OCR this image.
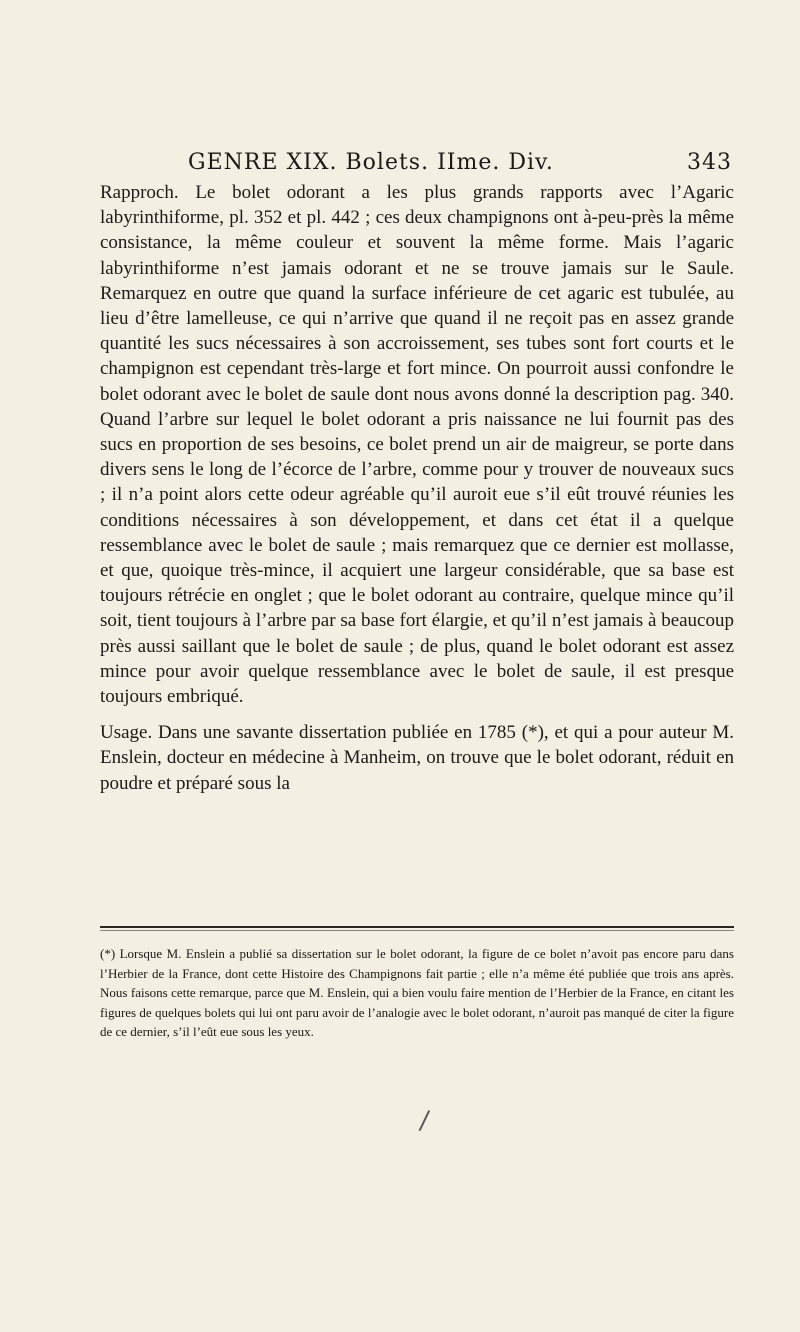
GENRE XIX. Bolets. IIme. Div.	343

Rapproch. Le bolet odorant a les plus grands rapports avec l’Agaric labyrinthiforme, pl. 352 et pl. 442 ; ces deux champignons ont à-peu-près la même consistance, la même couleur et souvent la même forme. Mais l’agaric labyrinthiforme n’est jamais odorant et ne se trouve jamais sur le Saule. Remarquez en outre que quand la surface inférieure de cet agaric est tubulée, au lieu d’être lamelleuse, ce qui n’arrive que quand il ne reçoit pas en assez grande quantité les sucs nécessaires à son accroissement, ses tubes sont fort courts et le champignon est cependant très-large et fort mince. On pourroit aussi confondre le bolet odorant avec le bolet de saule dont nous avons donné la description pag. 340. Quand l’arbre sur lequel le bolet odorant a pris naissance ne lui fournit pas des sucs en proportion de ses besoins, ce bolet prend un air de maigreur, se porte dans divers sens le long de l’écorce de l’arbre, comme pour y trouver de nouveaux sucs ; il n’a point alors cette odeur agréable qu’il auroit eue s’il eût trouvé réunies les conditions nécessaires à son développement, et dans cet état il a quelque ressemblance avec le bolet de saule ; mais remarquez que ce dernier est mollasse, et que, quoique très-mince, il acquiert une largeur considérable, que sa base est toujours rétrécie en onglet ; que le bolet odorant au contraire, quelque mince qu’il soit, tient toujours à l’arbre par sa base fort élargie, et qu’il n’est jamais à beaucoup près aussi saillant que le bolet de saule ; de plus, quand le bolet odorant est assez mince pour avoir quelque ressemblance avec le bolet de saule, il est presque toujours embriqué.

Usage. Dans une savante dissertation publiée en 1785 (*), et qui a pour auteur M. Enslein, docteur en médecine à Manheim, on trouve que le bolet odorant, réduit en poudre et préparé sous la

(*) Lorsque M. Enslein a publié sa dissertation sur le bolet odorant, la figure de ce bolet n’avoit pas encore paru dans l’Herbier de la France, dont cette Histoire des Champignons fait partie ; elle n’a même été publiée que trois ans après. Nous faisons cette remarque, parce que M. Enslein, qui a bien voulu faire mention de l’Herbier de la France, en citant les figures de quelques bolets qui lui ont paru avoir de l’analogie avec le bolet odorant, n’auroit pas manqué de citer la figure de ce dernier, s’il l’eût eue sous les yeux.
/
